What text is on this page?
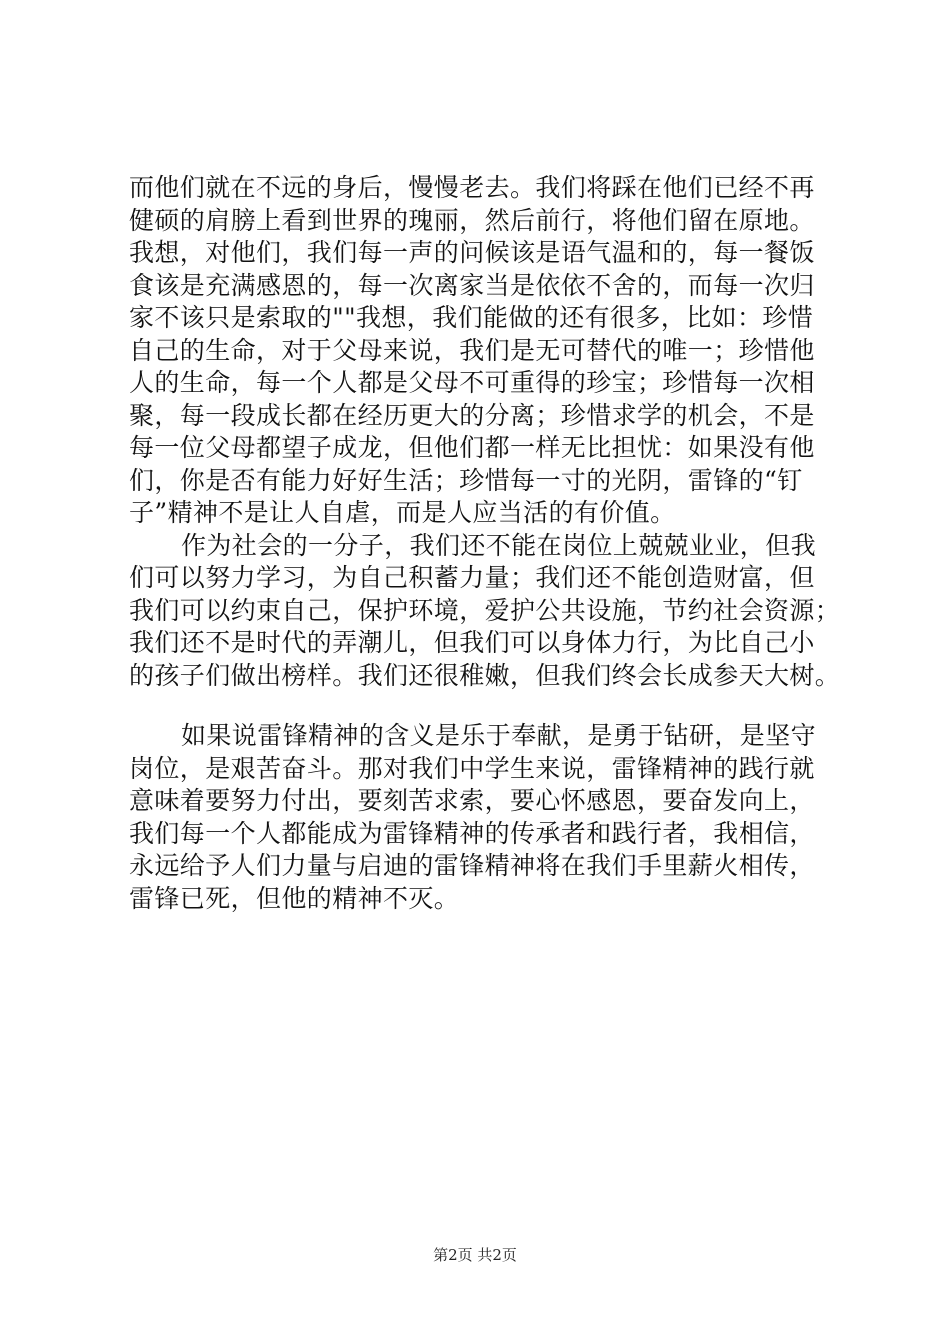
而他们就在不远的身后，慢慢老去。我们将踩在他们已经不再
健硕的肩膀上看到世界的瑰丽，然后前行，将他们留在原地。
我想，对他们，我们每一声的问候该是语气温和的，每一餐饭
食该是充满感恩的，每一次离家当是依依不舍的，而每一次归
家不该只是索取的""我想，我们能做的还有很多，比如：珍惜
自己的生命，对于父母来说，我们是无可替代的唯一；珍惜他
人的生命，每一个人都是父母不可重得的珍宝；珍惜每一次相
聚，每一段成长都在经历更大的分离；珍惜求学的机会，不是
每一位父母都望子成龙，但他们都一样无比担忧：如果没有他
们，你是否有能力好好生活；珍惜每一寸的光阴，雷锋的“钉
子”精神不是让人自虐，而是人应当活的有价值。
作为社会的一分子，我们还不能在岗位上兢兢业业，但我
们可以努力学习，为自己积蓄力量；我们还不能创造财富，但
我们可以约束自己，保护环境，爱护公共设施，节约社会资源；
我们还不是时代的弄潮儿，但我们可以身体力行，为比自己小
的孩子们做出榜样。我们还很稚嫩，但我们终会长成参天大树。
如果说雷锋精神的含义是乐于奉献，是勇于钻研，是坚守
岗位，是艰苦奋斗。那对我们中学生来说，雷锋精神的践行就
意味着要努力付出，要刻苦求索，要心怀感恩，要奋发向上，
我们每一个人都能成为雷锋精神的传承者和践行者，我相信，
永远给予人们力量与启迪的雷锋精神将在我们手里薪火相传，
雷锋已死，但他的精神不灭。
第2页 共2页
